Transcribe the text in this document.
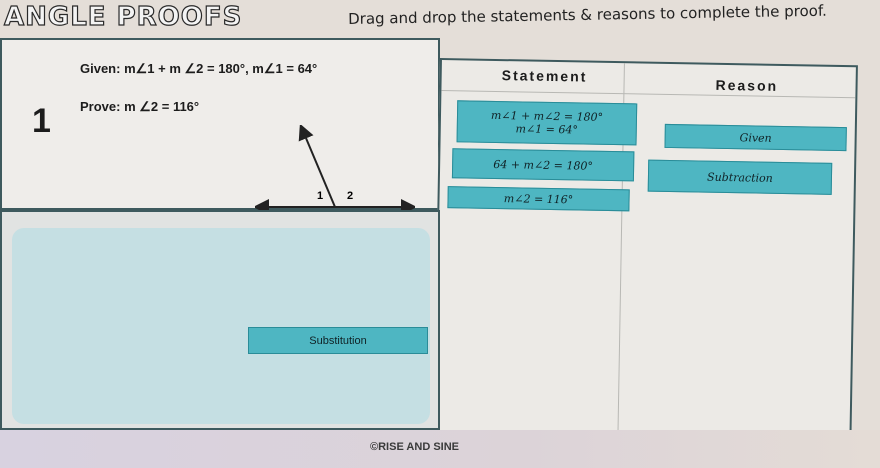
ANGLE PROOFS	Drag and drop the statements & reasons to complete the proof.
1
Given: m∠1 + m ∠2 = 180°, m∠1 = 64°
Prove: m ∠2 = 116°
1 2
Statement
Reason
m∠1 + m∠2 = 180°
m∠1 = 64°
64 + m∠2 = 180°
m∠2 = 116°
Given
Subtraction
Substitution
©RISE AND SINE
